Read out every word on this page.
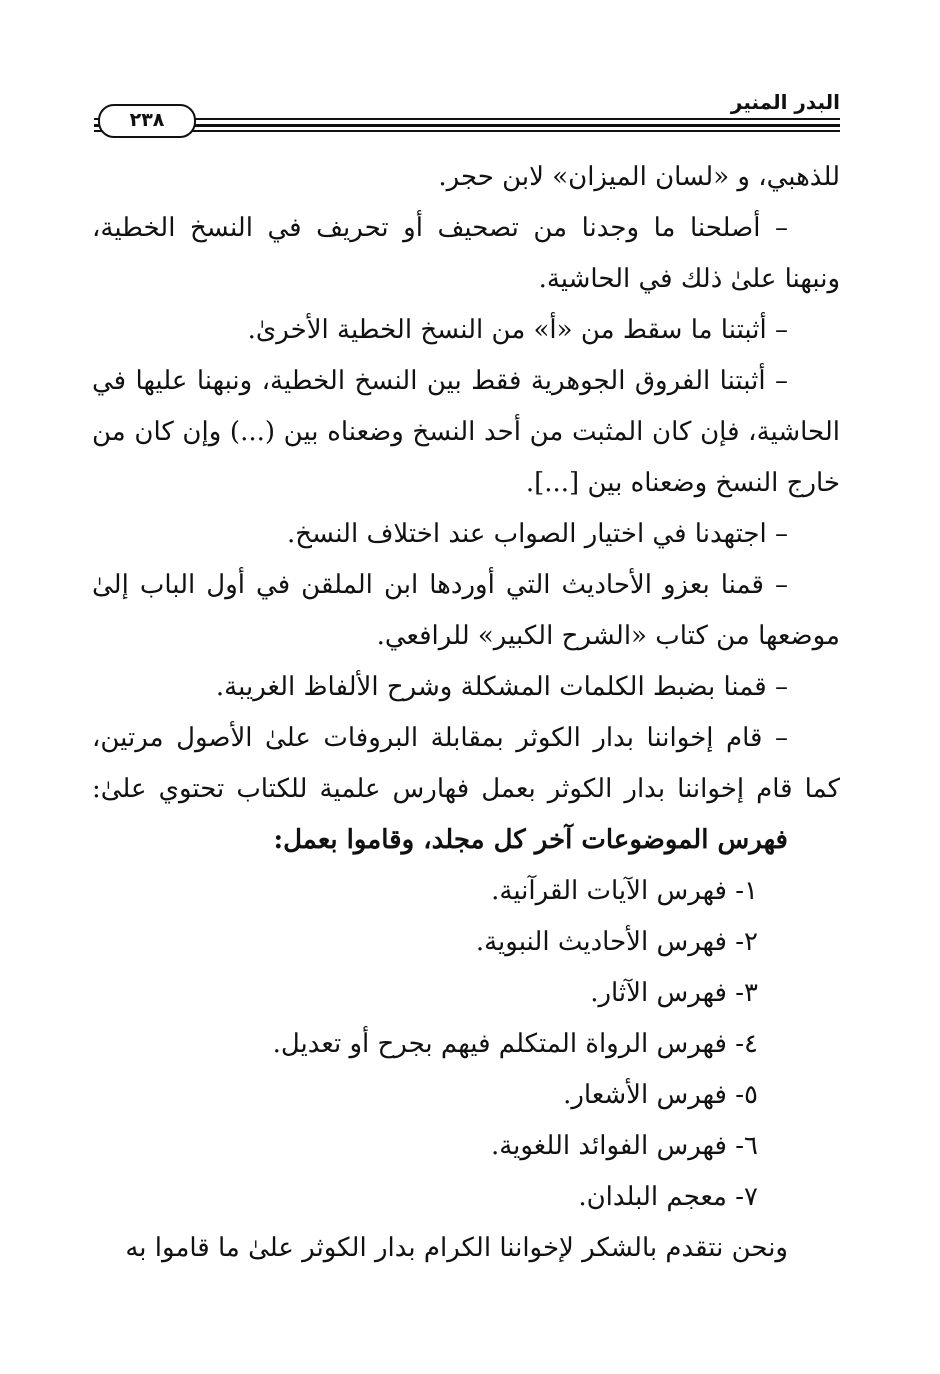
البدر المنير
٢٣٨
للذهبي، و «لسان الميزان» لابن حجر.
– أصلحنا ما وجدنا من تصحيف أو تحريف في النسخ الخطية،
ونبهنا علىٰ ذلك في الحاشية.
– أثبتنا ما سقط من «أ» من النسخ الخطية الأخرىٰ.
– أثبتنا الفروق الجوهرية فقط بين النسخ الخطية، ونبهنا عليها في
الحاشية، فإن كان المثبت من أحد النسخ وضعناه بين (...) وإن كان من
خارج النسخ وضعناه بين [...].
– اجتهدنا في اختيار الصواب عند اختلاف النسخ.
– قمنا بعزو الأحاديث التي أوردها ابن الملقن في أول الباب إلىٰ
موضعها من كتاب «الشرح الكبير» للرافعي.
– قمنا بضبط الكلمات المشكلة وشرح الألفاظ الغريبة.
– قام إخواننا بدار الكوثر بمقابلة البروفات علىٰ الأصول مرتين،
كما قام إخواننا بدار الكوثر بعمل فهارس علمية للكتاب تحتوي علىٰ:
فهرس الموضوعات آخر كل مجلد، وقاموا بعمل:
١- فهرس الآيات القرآنية.
٢- فهرس الأحاديث النبوية.
٣- فهرس الآثار.
٤- فهرس الرواة المتكلم فيهم بجرح أو تعديل.
٥- فهرس الأشعار.
٦- فهرس الفوائد اللغوية.
٧- معجم البلدان.
ونحن نتقدم بالشكر لإخواننا الكرام بدار الكوثر علىٰ ما قاموا به
